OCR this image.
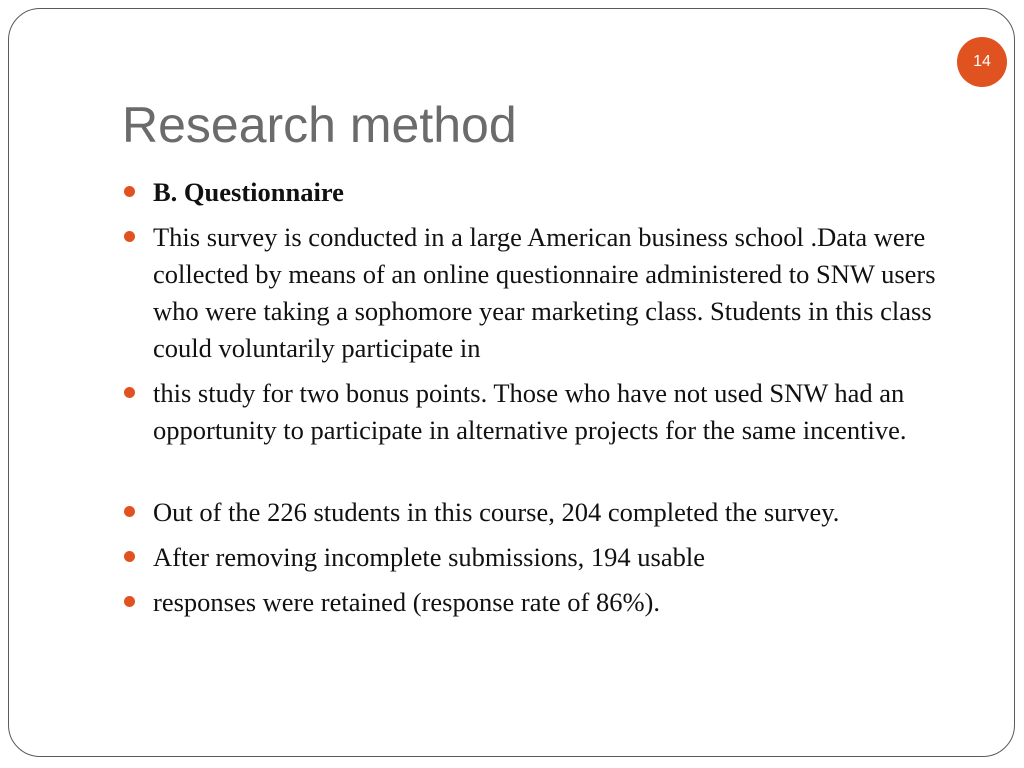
14
Research method
B. Questionnaire
This survey is conducted in a large American business school .Data were collected by means of an online questionnaire administered to SNW users who were taking a sophomore year marketing class. Students in this class could voluntarily participate in
this study for two bonus points. Those who have not used SNW had an opportunity to participate in alternative projects for the same incentive.
Out of the 226 students in this course, 204 completed the survey.
After removing incomplete submissions, 194 usable
responses were retained (response rate of 86%).
